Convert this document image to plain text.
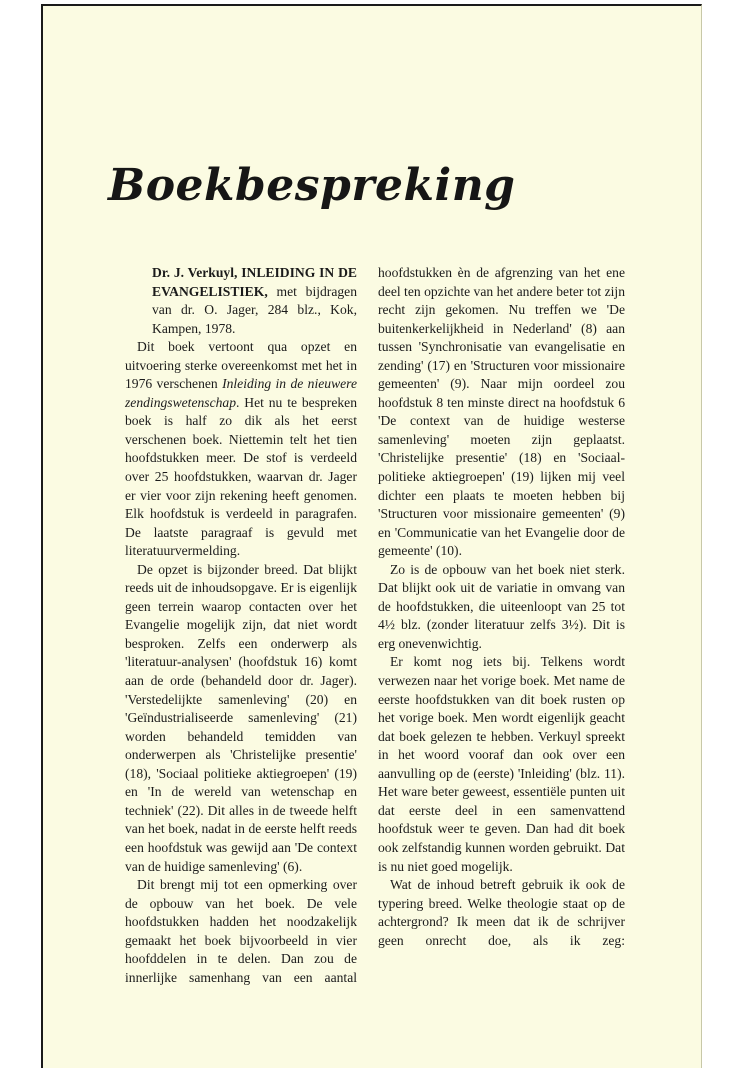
Boekbespreking
Dr. J. Verkuyl, INLEIDING IN DE EVANGELISTIEK, met bijdragen van dr. O. Jager, 284 blz., Kok, Kampen, 1978.

Dit boek vertoont qua opzet en uitvoering sterke overeenkomst met het in 1976 verschenen Inleiding in de nieuwere zendingswetenschap. Het nu te bespreken boek is half zo dik als het eerst verschenen boek. Niettemin telt het tien hoofdstukken meer. De stof is verdeeld over 25 hoofdstukken, waarvan dr. Jager er vier voor zijn rekening heeft genomen. Elk hoofdstuk is verdeeld in paragrafen. De laatste paragraaf is gevuld met literatuurvermelding.

De opzet is bijzonder breed. Dat blijkt reeds uit de inhoudsopgave. Er is eigenlijk geen terrein waarop contacten over het Evangelie mogelijk zijn, dat niet wordt besproken. Zelfs een onderwerp als 'literatuur-analysen' (hoofdstuk 16) komt aan de orde (behandeld door dr. Jager). 'Verstedelijkte samenleving' (20) en 'Geïndustrialiseerde samenleving' (21) worden behandeld temidden van onderwerpen als 'Christelijke presentie' (18), 'Sociaal politieke aktiegroepen' (19) en 'In de wereld van wetenschap en techniek' (22). Dit alles in de tweede helft van het boek, nadat in de eerste helft reeds een hoofdstuk was gewijd aan 'De context van de huidige samenleving' (6).

Dit brengt mij tot een opmerking over de opbouw van het boek. De vele hoofdstukken hadden het noodzakelijk gemaakt het boek bijvoorbeeld in vier hoofddelen in te delen. Dan zou de innerlijke samenhang van een aantal

hoofdstukken èn de afgrenzing van het ene deel ten opzichte van het andere beter tot zijn recht zijn gekomen. Nu treffen we 'De buitenkerkelijkheid in Nederland' (8) aan tussen 'Synchronisatie van evangelisatie en zending' (17) en 'Structuren voor missionaire gemeenten' (9). Naar mijn oordeel zou hoofdstuk 8 ten minste direct na hoofdstuk 6 'De context van de huidige westerse samenleving' moeten zijn geplaatst. 'Christelijke presentie' (18) en 'Sociaal-politieke aktiegroepen' (19) lijken mij veel dichter een plaats te moeten hebben bij 'Structuren voor missionaire gemeenten' (9) en 'Communicatie van het Evangelie door de gemeente' (10).

Zo is de opbouw van het boek niet sterk. Dat blijkt ook uit de variatie in omvang van de hoofdstukken, die uiteenloopt van 25 tot 4½ blz. (zonder literatuur zelfs 3½). Dit is erg onevenwichtig.

Er komt nog iets bij. Telkens wordt verwezen naar het vorige boek. Met name de eerste hoofdstukken van dit boek rusten op het vorige boek. Men wordt eigenlijk geacht dat boek gelezen te hebben. Verkuyl spreekt in het woord vooraf dan ook over een aanvulling op de (eerste) 'Inleiding' (blz. 11). Het ware beter geweest, essentiële punten uit dat eerste deel in een samenvattend hoofdstuk weer te geven. Dan had dit boek ook zelfstandig kunnen worden gebruikt. Dat is nu niet goed mogelijk.

Wat de inhoud betreft gebruik ik ook de typering breed. Welke theologie staat op de achtergrond? Ik meen dat ik de schrijver geen onrecht doe, als ik zeg:
